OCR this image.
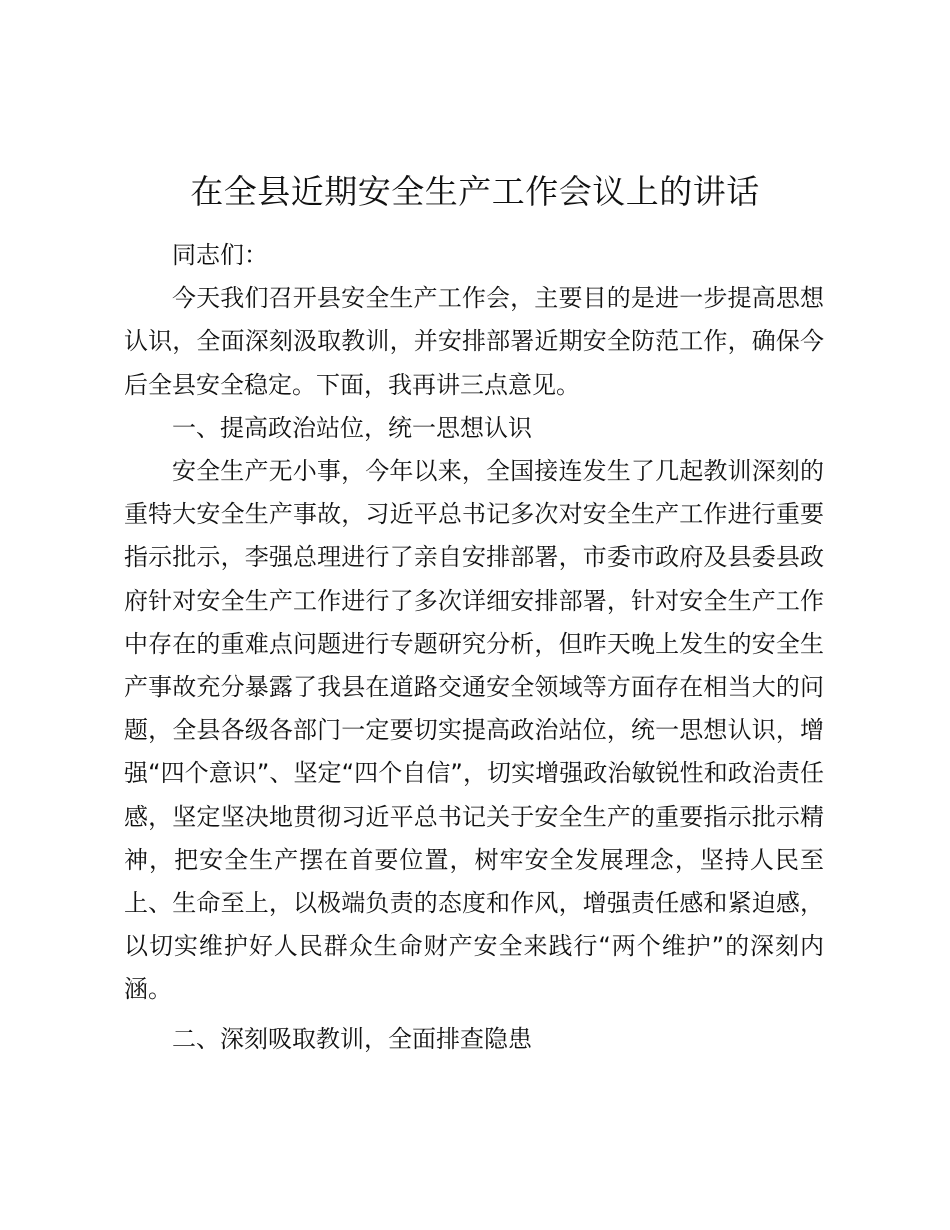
在全县近期安全生产工作会议上的讲话

同志们：

今天我们召开县安全生产工作会，主要目的是进一步提高思想认识，全面深刻汲取教训，并安排部署近期安全防范工作，确保今后全县安全稳定。下面，我再讲三点意见。

一、提高政治站位，统一思想认识

安全生产无小事，今年以来，全国接连发生了几起教训深刻的重特大安全生产事故，习近平总书记多次对安全生产工作进行重要指示批示，李强总理进行了亲自安排部署，市委市政府及县委县政府针对安全生产工作进行了多次详细安排部署，针对安全生产工作中存在的重难点问题进行专题研究分析，但昨天晚上发生的安全生产事故充分暴露了我县在道路交通安全领域等方面存在相当大的问题，全县各级各部门一定要切实提高政治站位，统一思想认识，增强“四个意识”、坚定“四个自信”，切实增强政治敏锐性和政治责任感，坚定坚决地贯彻习近平总书记关于安全生产的重要指示批示精神，把安全生产摆在首要位置，树牢安全发展理念，坚持人民至上、生命至上，以极端负责的态度和作风，增强责任感和紧迫感，以切实维护好人民群众生命财产安全来践行“两个维护”的深刻内涵。

二、深刻吸取教训，全面排查隐患
